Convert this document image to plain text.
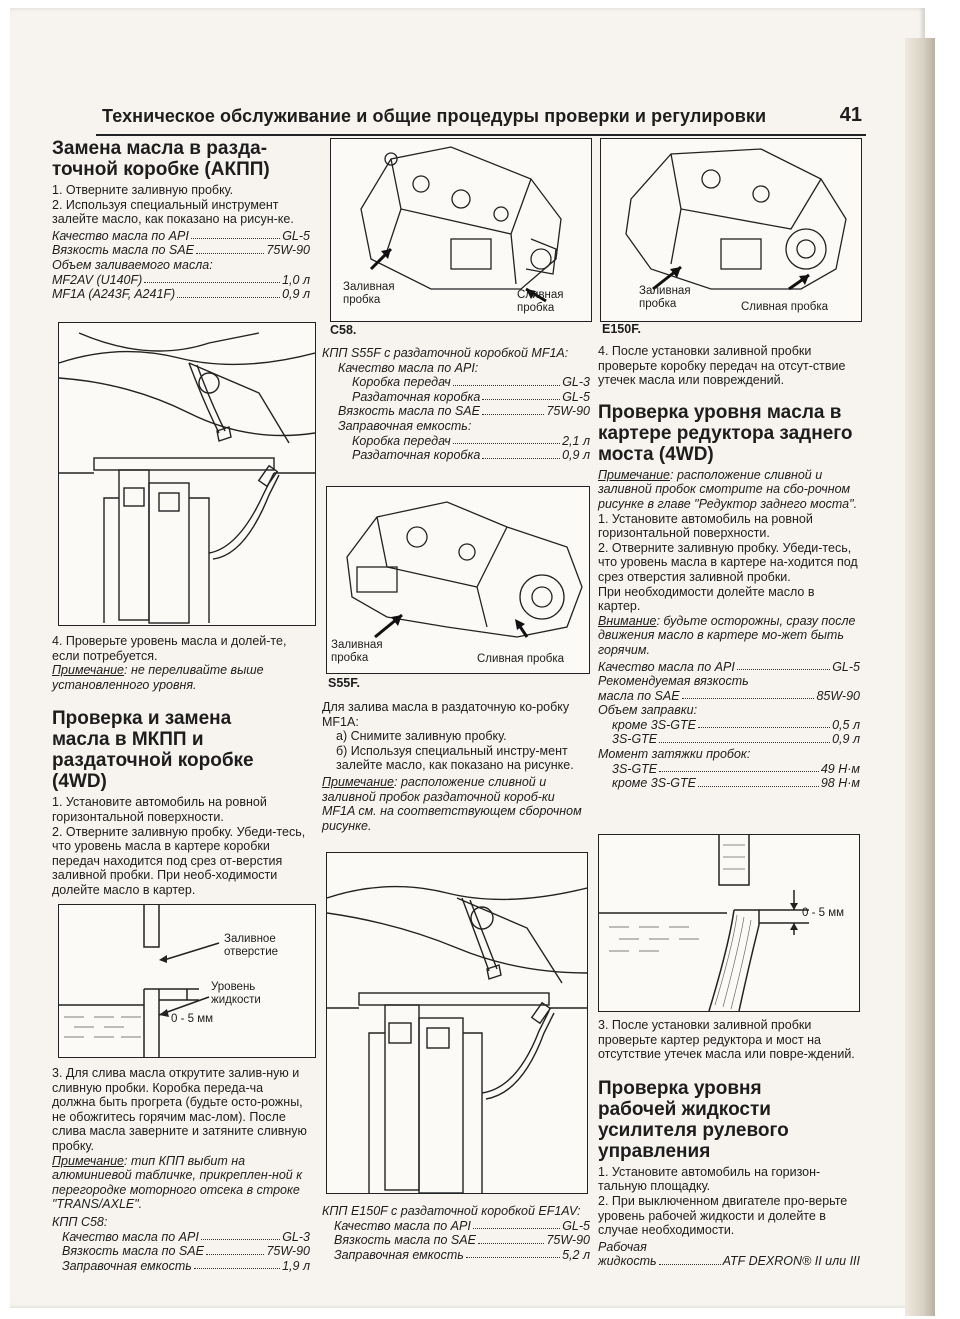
Техническое обслуживание и общие процедуры проверки и регулировки	41
Замена масла в разда-
точной коробке (АКПП)

1. Отверните заливную пробку.

2. Используя специальный инструмент залейте масло, как показано на рисун-ке.

Качество масла по API	GL-5
Вязкость масла по SAE	75W-90

Объем заливаемого масла:

MF2AV (U140F)	1,0 л
MF1A (A243F, A241F)	0,9 л

4. Проверьте уровень масла и долей-те, если потребуется.

Примечание: не переливайте выше установленного уровня.

Проверка и замена масла в МКПП и раздаточной коробке (4WD)

1. Установите автомобиль на ровной горизонтальной поверхности.
2. Отверните заливную пробку. Убеди-тесь, что уровень масла в картере коробки передач находится под срез от-верстия заливной пробки. При необ-ходимости долейте масло в картер.

Заливное отверстие
Уровень жидкости
0 - 5 мм

3. Для слива масла открутите залив-ную и сливную пробки. Коробка переда-ча должна быть прогрета (будьте осто-рожны, не обожгитесь горячим мас-лом). После слива масла заверните и затяните сливную пробку.

Примечание: тип КПП выбит на алюминиевой табличке, прикреплен-ной к перегородке моторного отсека в строке "TRANS/AXLE".

КПП C58:

Качество масла по API	GL-3
Вязкость масла по SAE	75W-90
Заправочная емкость	1,9 л
Заливная пробка	Сливная пробка
C58.

КПП S55F с раздаточной коробкой MF1A:

Качество масла по API:

Коробка передач	GL-3
Раздаточная коробка	GL-5
Вязкость масла по SAE	75W-90

Заправочная емкость:

Коробка передач	2,1 л
Раздаточная коробка	0,9 л
Заливная пробка	Сливная пробка
S55F.

Для залива масла в раздаточную ко-робку MF1A:

а) Снимите заливную пробку.

б) Используя специальный инстру-мент залейте масло, как показано на рисунке.

Примечание: расположение сливной и заливной пробок раздаточной короб-ки MF1A см. на соответствующем сборочном рисунке.

КПП E150F с раздаточной коробкой EF1AV:

Качество масла по API	GL-5
Вязкость масла по SAE	75W-90
Заправочная емкость	5,2 л
Заливная пробка	Сливная пробка
E150F.

4. После установки заливной пробки проверьте коробку передач на отсут-ствие утечек масла или повреждений.

Проверка уровня масла в картере редуктора заднего моста (4WD)

Примечание: расположение сливной и заливной пробок смотрите на сбо-рочном рисунке в главе "Редуктор заднего моста".

1. Установите автомобиль на ровной горизонтальной поверхности.
2. Отверните заливную пробку. Убеди-тесь, что уровень масла в картере на-ходится под срез отверстия заливной пробки.
При необходимости долейте масло в картер.

Внимание: будьте осторожны, сразу после движения масло в картере мо-жет быть горячим.

Качество масла по API	GL-5

Рекомендуемая вязкость

масла по SAE	85W-90

Объем заправки:

кроме 3S-GTE	0,5 л
3S-GTE	0,9 л

Момент затяжки пробок:

3S-GTE	49 Н·м
кроме 3S-GTE	98 Н·м
0 - 5 мм

3. После установки заливной пробки проверьте картер редуктора и мост на отсутствие утечек масла или повре-ждений.

Проверка уровня рабочей жидкости усилителя рулевого управления

1. Установите автомобиль на горизон-тальную площадку.
2. При выключенном двигателе про-верьте уровень рабочей жидкости и долейте в случае необходимости.

Рабочая

жидкость	ATF DEXRON® II или III
